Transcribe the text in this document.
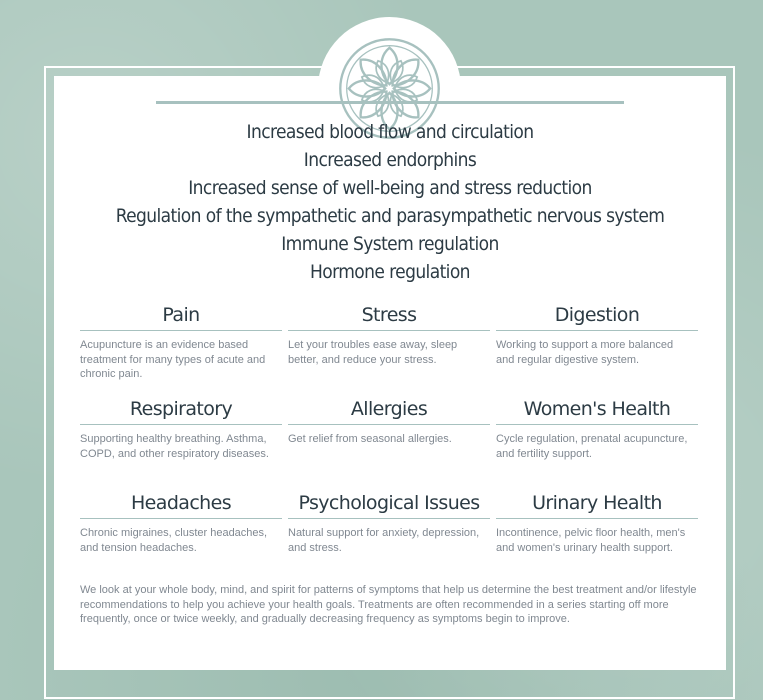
Increased blood flow and circulation
Increased endorphins
Increased sense of well-being and stress reduction
Regulation of the sympathetic and parasympathetic nervous system
Immune System regulation
Hormone regulation
Pain
Acupuncture is an evidence based treatment for many types of acute and chronic pain.
Stress
Let your troubles ease away, sleep better, and reduce your stress.
Digestion
Working to support a more balanced and regular digestive system.
Respiratory
Supporting healthy breathing. Asthma, COPD, and other respiratory diseases.
Allergies
Get relief from seasonal allergies.
Women's Health
Cycle regulation, prenatal acupuncture, and fertility support.
Headaches
Chronic migraines, cluster headaches, and tension headaches.
Psychological Issues
Natural support for anxiety, depression, and stress.
Urinary Health
Incontinence, pelvic floor health, men's and women's urinary health support.

We look at your whole body, mind, and spirit for patterns of symptoms that help us determine the best treatment and/or lifestyle recommendations to help you achieve your health goals. Treatments are often recommended in a series starting off more frequently, once or twice weekly, and gradually decreasing frequency as symptoms begin to improve.
